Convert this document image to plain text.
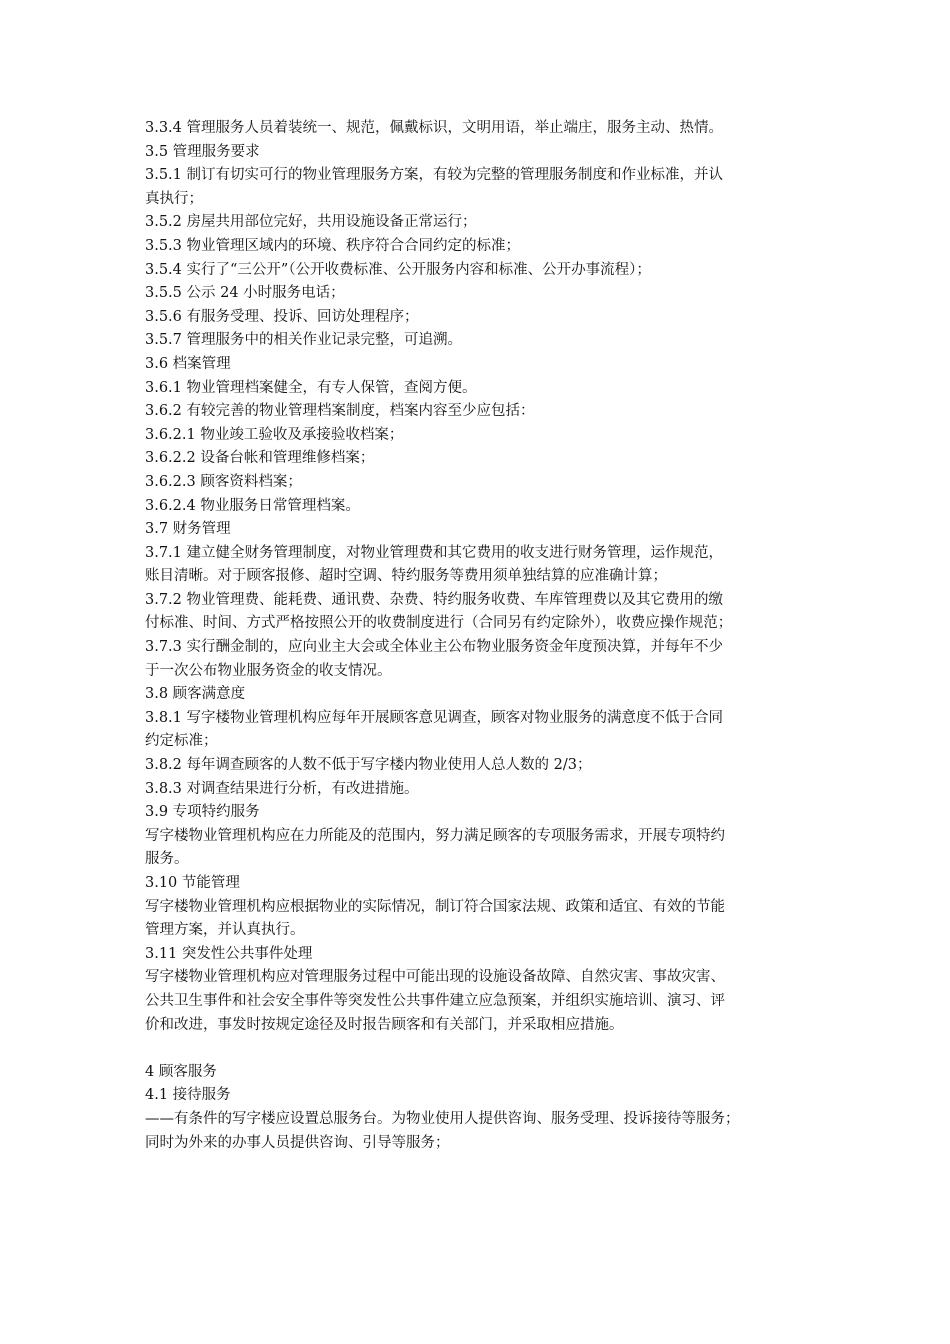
3.3.4 管理服务人员着装统一、规范，佩戴标识，文明用语，举止端庄，服务主动、热情。
3.5 管理服务要求
3.5.1 制订有切实可行的物业管理服务方案，有较为完整的管理服务制度和作业标准，并认
真执行；
3.5.2 房屋共用部位完好，共用设施设备正常运行；
3.5.3 物业管理区域内的环境、秩序符合合同约定的标准；
3.5.4 实行了“三公开”（公开收费标准、公开服务内容和标准、公开办事流程）；
3.5.5 公示 24 小时服务电话；
3.5.6 有服务受理、投诉、回访处理程序；
3.5.7 管理服务中的相关作业记录完整，可追溯。
3.6 档案管理
3.6.1 物业管理档案健全，有专人保管，查阅方便。
3.6.2 有较完善的物业管理档案制度，档案内容至少应包括：
3.6.2.1 物业竣工验收及承接验收档案；
3.6.2.2 设备台帐和管理维修档案；
3.6.2.3 顾客资料档案；
3.6.2.4 物业服务日常管理档案。
3.7 财务管理
3.7.1 建立健全财务管理制度，对物业管理费和其它费用的收支进行财务管理，运作规范，
账目清晰。对于顾客报修、超时空调、特约服务等费用须单独结算的应准确计算；
3.7.2 物业管理费、能耗费、通讯费、杂费、特约服务收费、车库管理费以及其它费用的缴
付标准、时间、方式严格按照公开的收费制度进行（合同另有约定除外），收费应操作规范；
3.7.3 实行酬金制的，应向业主大会或全体业主公布物业服务资金年度预决算，并每年不少
于一次公布物业服务资金的收支情况。
3.8 顾客满意度
3.8.1 写字楼物业管理机构应每年开展顾客意见调查，顾客对物业服务的满意度不低于合同
约定标准；
3.8.2 每年调查顾客的人数不低于写字楼内物业使用人总人数的 2/3；
3.8.3 对调查结果进行分析，有改进措施。
3.9 专项特约服务
写字楼物业管理机构应在力所能及的范围内，努力满足顾客的专项服务需求，开展专项特约
服务。
3.10 节能管理
写字楼物业管理机构应根据物业的实际情况，制订符合国家法规、政策和适宜、有效的节能
管理方案，并认真执行。
3.11 突发性公共事件处理
写字楼物业管理机构应对管理服务过程中可能出现的设施设备故障、自然灾害、事故灾害、
公共卫生事件和社会安全事件等突发性公共事件建立应急预案，并组织实施培训、演习、评
价和改进，事发时按规定途径及时报告顾客和有关部门，并采取相应措施。
4 顾客服务
4.1 接待服务
——有条件的写字楼应设置总服务台。为物业使用人提供咨询、服务受理、投诉接待等服务；
同时为外来的办事人员提供咨询、引导等服务；
